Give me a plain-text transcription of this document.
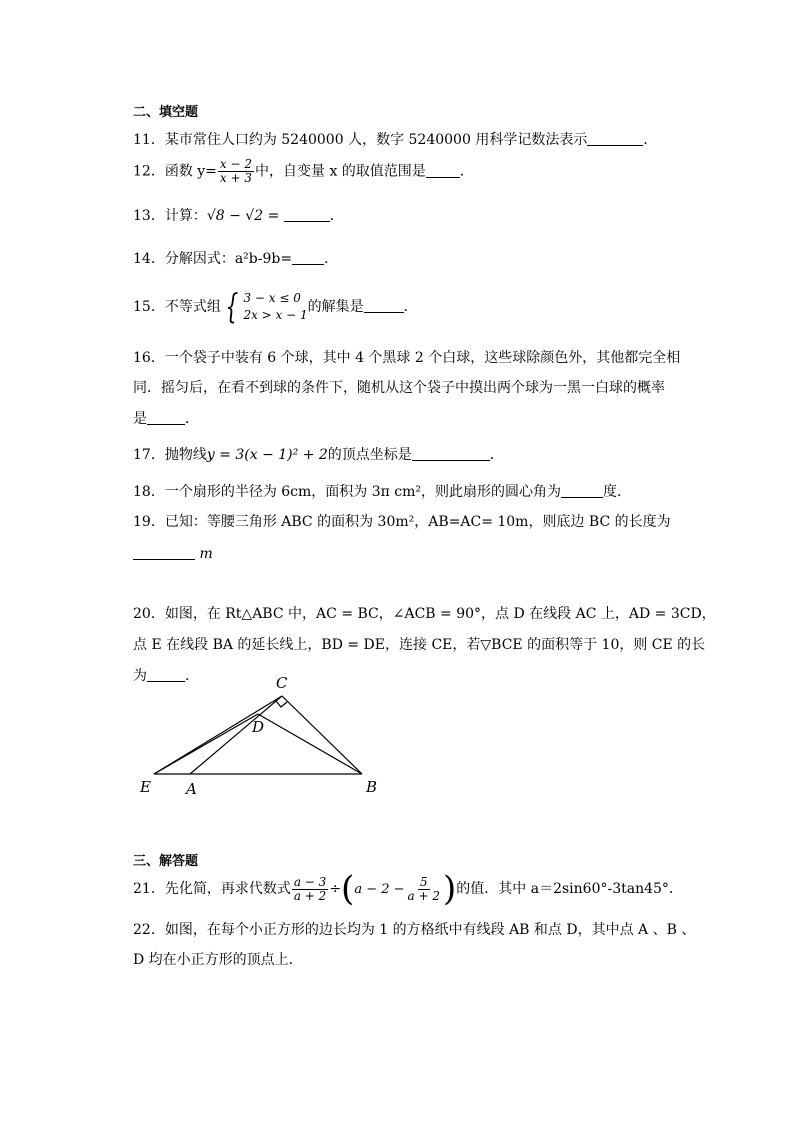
二、填空题
11．某市常住人口约为 5240000 人，数字 5240000 用科学记数法表示	．
12．函数 $y= \frac{x - 2}{x + 3}$ 中，自变量 x 的取值范围是 ．
13．计算：√8 − √2 =	．
14．分解因式：a²b-9b= ．
15．不等式组 { 3 − x ≤ 0
2x > x − 1 的解集是	．
16．一个袋子中装有 6 个球，其中 4 个黑球 2 个白球，这些球除颜色外，其他都完全相
同．摇匀后，在看不到球的条件下，随机从这个袋子中摸出两个球为一黑一白球的概率
是	．
17．抛物线y = 3(x − 1)² + 2的顶点坐标是	．
18．一个扇形的半径为 6cm，面积为 3π cm²，则此扇形的圆心角为	度．
19．已知：等腰三角形 ABC 的面积为 30m²，AB=AC= 10m，则底边 BC 的长度为
m
20．如图，在 Rt△ABC 中，AC = BC，∠ACB = 90°，点 D 在线段 AC 上，AD = 3CD，
点 E 在线段 BA 的延长线上，BD = DE，连接 CE，若▽BCE 的面积等于 10，则 CE 的长
为	．	C
D
E A	B
三、解答题
21．先化简，再求代数式 $\frac{a - 3}{a + 2} \div(a - 2 - \frac{5}{a + 2}$ )的值．其中 a＝2sin60°-3tan45°．
22．如图，在每个小正方形的边长均为 1 的方格纸中有线段 AB 和点 D，其中点 A 、B 、
D 均在小正方形的顶点上．
